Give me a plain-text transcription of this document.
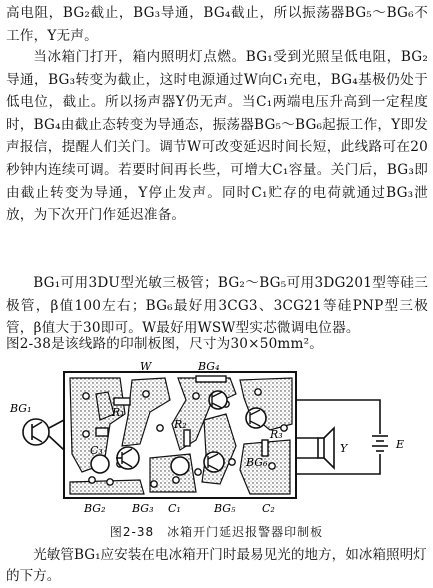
高电阻，BG₂截止，BG₃导通，BG₄截止，所以振荡器BG₅～BG₆不工作，Y无声。

当冰箱门打开，箱内照明灯点燃。BG₁受到光照呈低电阻，BG₂导通，BG₃转变为截止，这时电源通过W向C₁充电，BG₄基极仍处于低电位，截止。所以扬声器Y仍无声。当C₁两端电压升高到一定程度时，BG₄由截止态转变为导通态，振荡器BG₅～BG₆起振工作，Y即发声报信，提醒人们关门。调节W可改变延迟时间长短，此线路可在20秒钟内连续可调。若要时间再长些，可增大C₁容量。关门后，BG₃即由截止转变为导通，Y停止发声。同时C₁贮存的电荷就通过BG₃泄放，为下次开门作延迟准备。

BG₁可用3DU型光敏三极管；BG₂～BG₅可用3DG201型等硅三极管，β值100左右；BG₆最好用3CG3、3CG21等硅PNP型三极管，β值大于30即可。W最好用WSW型实芯微调电位器。

图2-38是该线路的印制板图，尺寸为30×50mm²。

W	BG₄
BG₁	R₁
R₂
R₃
C₃
BG₆
Y	E
BG₂ BG₃ C₁	BG₅ C₂
图2-38　冰箱开门延迟报警器印制板
光敏管BG₁应安装在电冰箱开门时最易见光的地方，如冰箱照明灯的下方。
